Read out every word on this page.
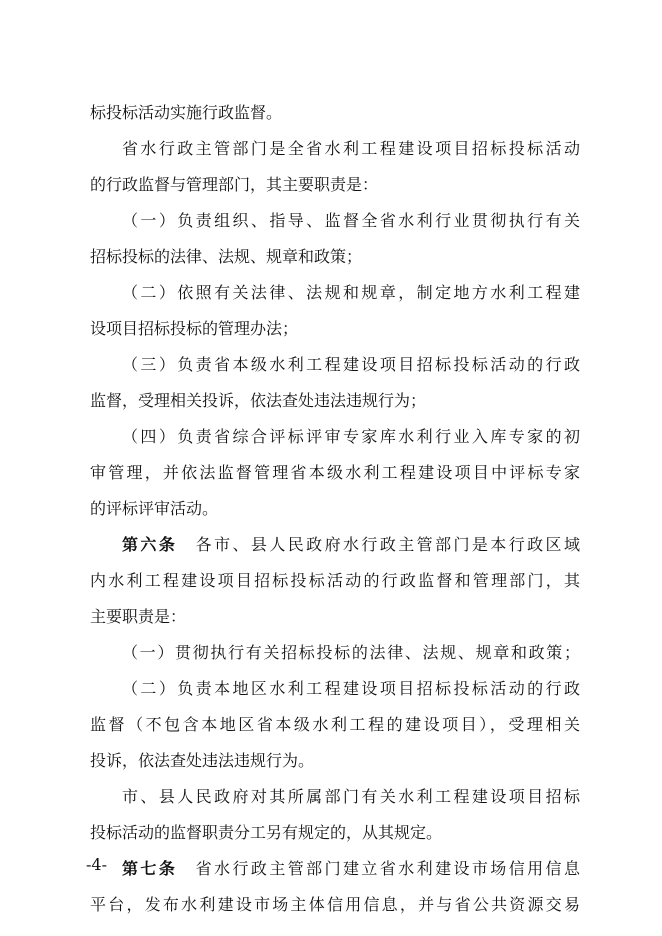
标投标活动实施行政监督。
省水行政主管部门是全省水利工程建设项目招标投标活动
的行政监督与管理部门，其主要职责是：
（一）负责组织、指导、监督全省水利行业贯彻执行有关
招标投标的法律、法规、规章和政策；
（二）依照有关法律、法规和规章，制定地方水利工程建
设项目招标投标的管理办法；
（三）负责省本级水利工程建设项目招标投标活动的行政
监督，受理相关投诉，依法查处违法违规行为；
（四）负责省综合评标评审专家库水利行业入库专家的初
审管理，并依法监督管理省本级水利工程建设项目中评标专家
的评标评审活动。
第六条　各市、县人民政府水行政主管部门是本行政区域
内水利工程建设项目招标投标活动的行政监督和管理部门，其
主要职责是：
（一）贯彻执行有关招标投标的法律、法规、规章和政策；
（二）负责本地区水利工程建设项目招标投标活动的行政
监督（不包含本地区省本级水利工程的建设项目），受理相关
投诉，依法查处违法违规行为。
市、县人民政府对其所属部门有关水利工程建设项目招标
投标活动的监督职责分工另有规定的，从其规定。
第七条　省水行政主管部门建立省水利建设市场信用信息
平台，发布水利建设市场主体信用信息，并与省公共资源交易
-4-
